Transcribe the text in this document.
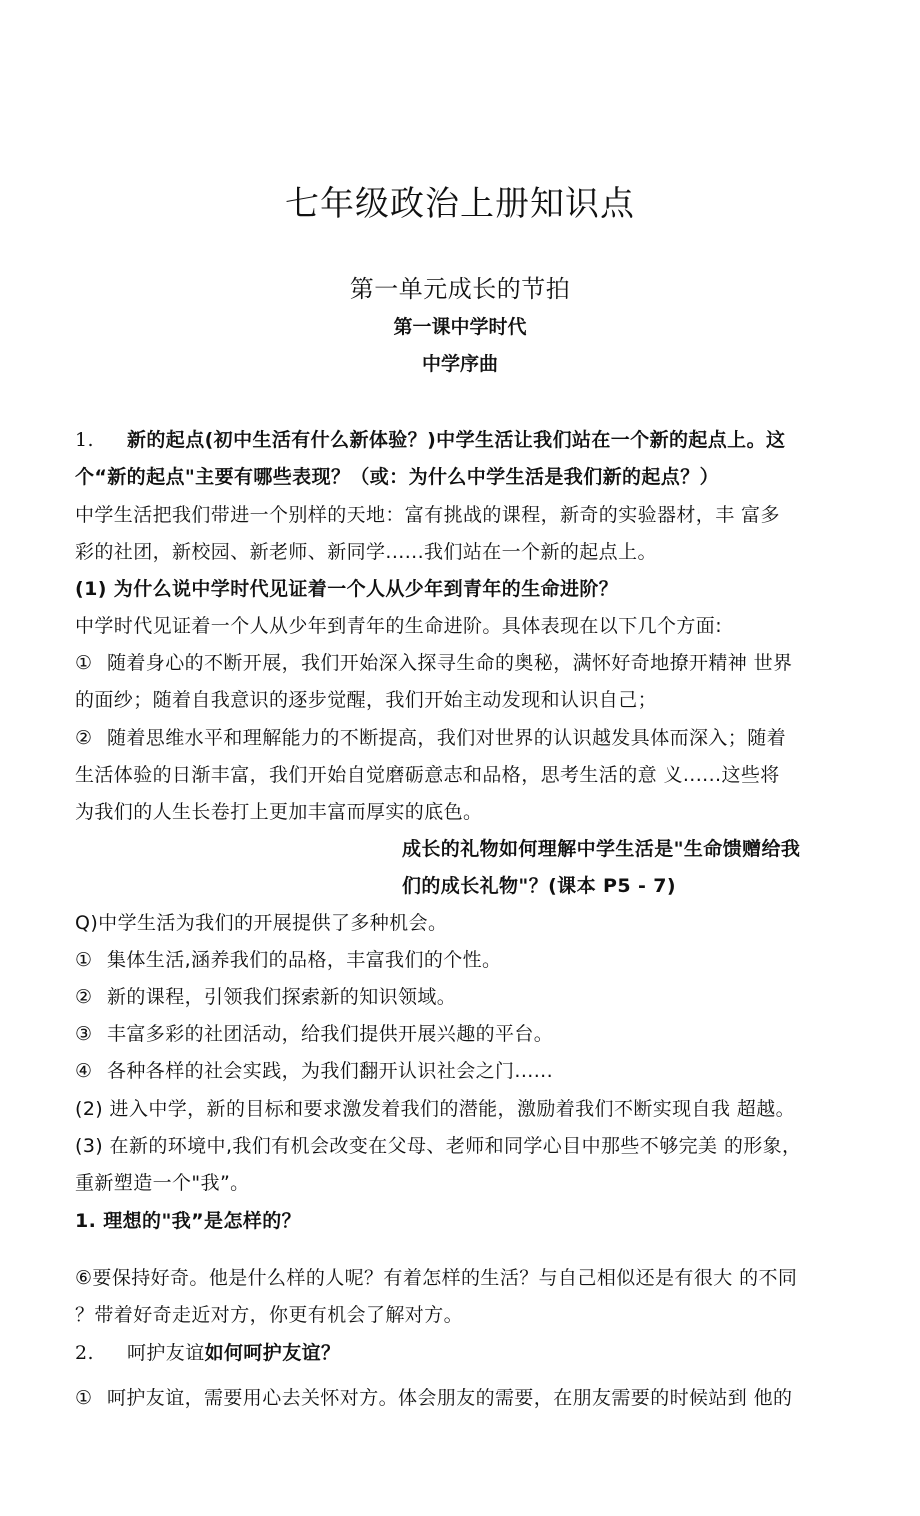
七年级政治上册知识点
第一单元成长的节拍
第一课中学时代
中学序曲
1. 新的起点(初中生活有什么新体验？)中学生活让我们站在一个新的起点上。这
个“新的起点"主要有哪些表现？（或：为什么中学生活是我们新的起点？）
中学生活把我们带进一个别样的天地：富有挑战的课程，新奇的实验器材，丰 富多
彩的社团，新校园、新老师、新同学......我们站在一个新的起点上。
(1) 为什么说中学时代见证着一个人从少年到青年的生命进阶？
中学时代见证着一个人从少年到青年的生命进阶。具体表现在以下几个方面:
① 随着身心的不断开展，我们开始深入探寻生命的奥秘，满怀好奇地撩开精神 世界
的面纱；随着自我意识的逐步觉醒，我们开始主动发现和认识自己；
② 随着思维水平和理解能力的不断提高，我们对世界的认识越发具体而深入；随着
生活体验的日渐丰富，我们开始自觉磨砺意志和品格，思考生活的意 义......这些将
为我们的人生长卷打上更加丰富而厚实的底色。
成长的礼物如何理解中学生活是"生命馈赠给我
们的成长礼物"？(课本 P5 - 7)
Q)中学生活为我们的开展提供了多种机会。
① 集体生活,涵养我们的品格，丰富我们的个性。
② 新的课程，引领我们探索新的知识领域。
③ 丰富多彩的社团活动，给我们提供开展兴趣的平台。
④ 各种各样的社会实践，为我们翻开认识社会之门......
(2) 进入中学，新的目标和要求激发着我们的潜能，激励着我们不断实现自我 超越。
(3) 在新的环境中,我们有机会改变在父母、老师和同学心目中那些不够完美 的形象，
重新塑造一个"我”。
1. 理想的"我”是怎样的？
⑥要保持好奇。他是什么样的人呢？有着怎样的生活？与自己相似还是有很大 的不同
？带着好奇走近对方，你更有机会了解对方。
2. 呵护友谊如何呵护友谊？
① 呵护友谊，需要用心去关怀对方。体会朋友的需要，在朋友需要的时候站到 他的
